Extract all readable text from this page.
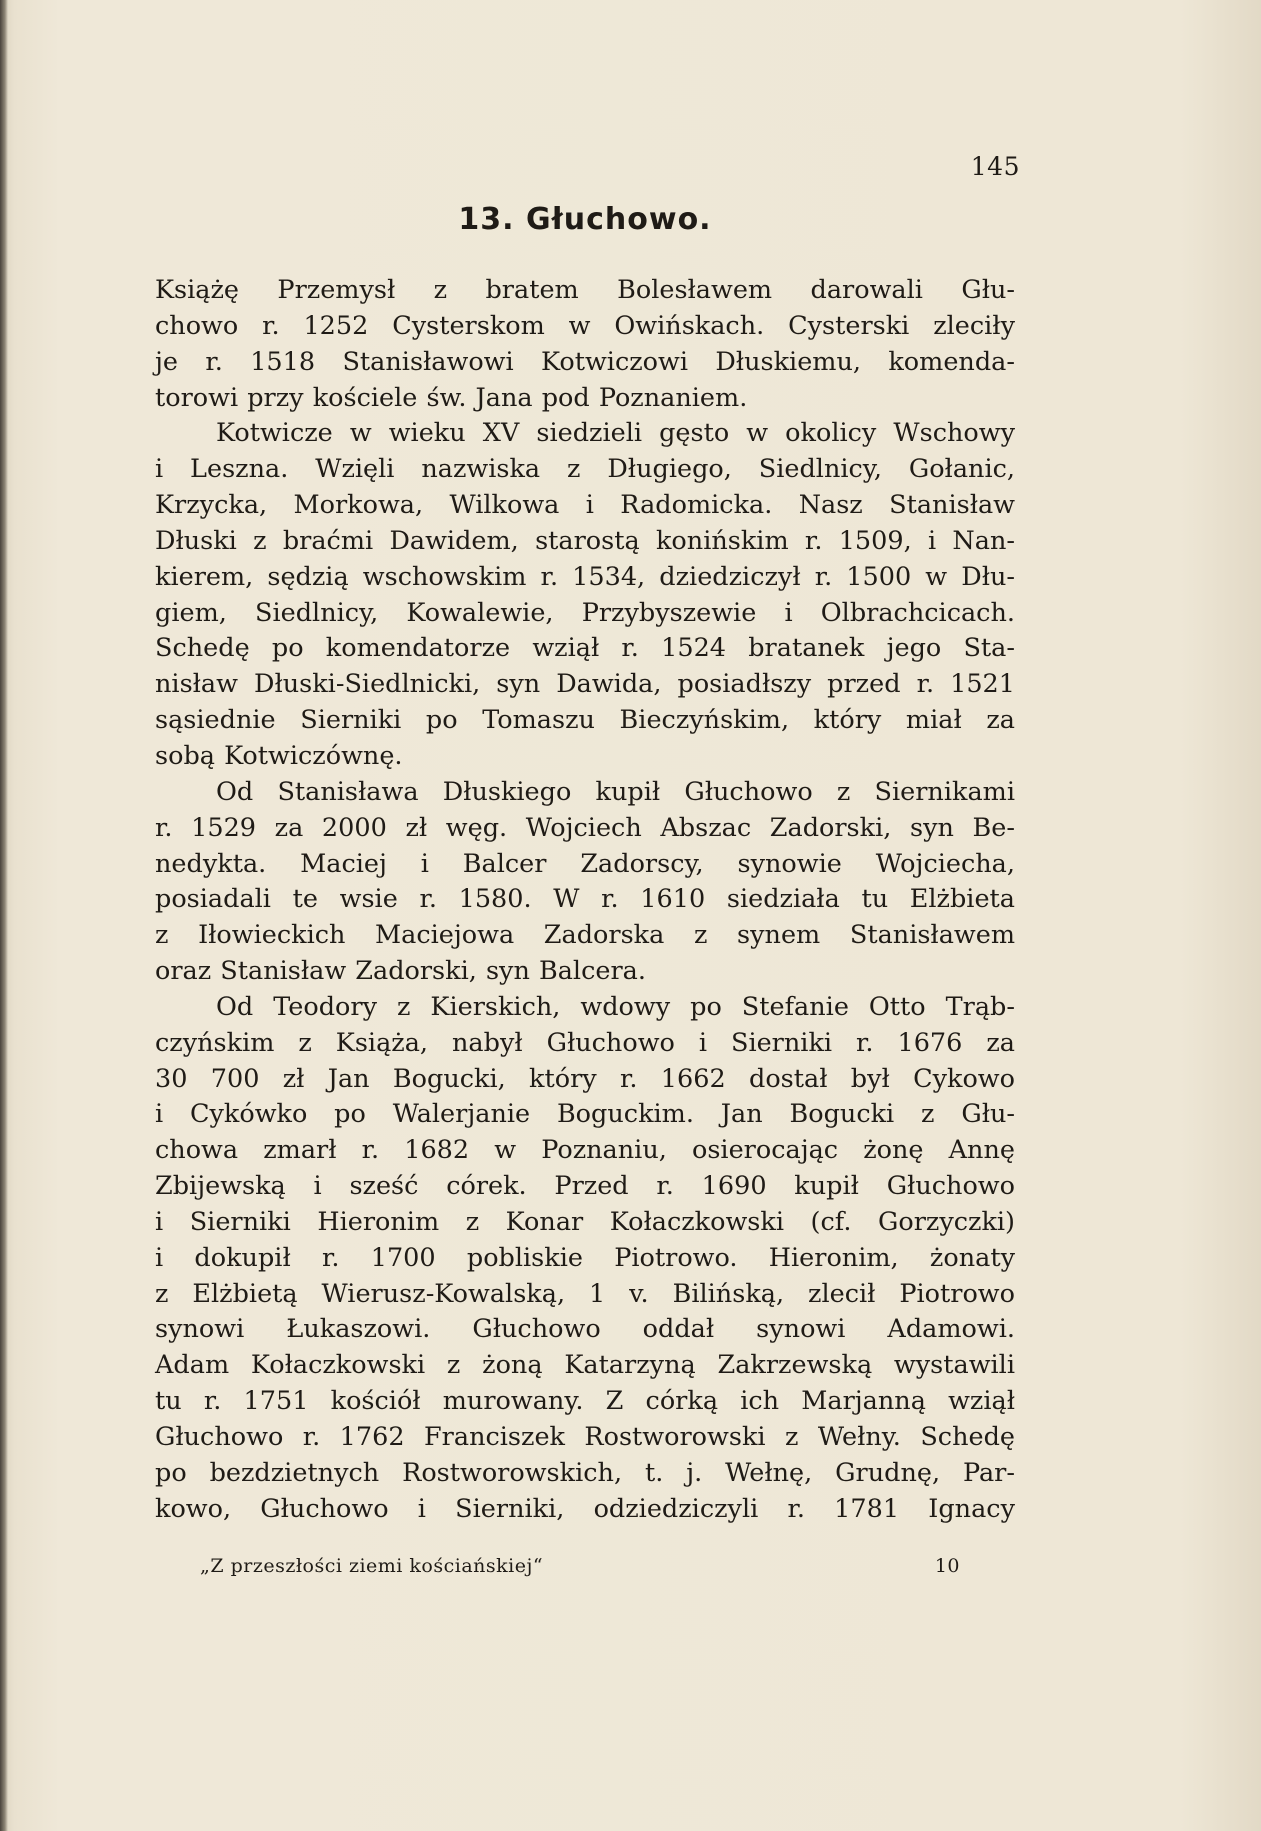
145
13. Głuchowo.
Książę Przemysł z bratem Bolesławem darowali Głu-
chowo r. 1252 Cysterskom w Owińskach. Cysterski zleciły
je r. 1518 Stanisławowi Kotwiczowi Dłuskiemu, komenda-
torowi przy kościele św. Jana pod Poznaniem.
Kotwicze w wieku XV siedzieli gęsto w okolicy Wschowy
i Leszna. Wzięli nazwiska z Długiego, Siedlnicy, Gołanic,
Krzycka, Morkowa, Wilkowa i Radomicka. Nasz Stanisław
Dłuski z braćmi Dawidem, starostą konińskim r. 1509, i Nan-
kierem, sędzią wschowskim r. 1534, dziedziczył r. 1500 w Dłu-
giem, Siedlnicy, Kowalewie, Przybyszewie i Olbrachcicach.
Schedę po komendatorze wziął r. 1524 bratanek jego Sta-
nisław Dłuski-Siedlnicki, syn Dawida, posiadłszy przed r. 1521
sąsiednie Sierniki po Tomaszu Bieczyńskim, który miał za
sobą Kotwiczównę.
Od Stanisława Dłuskiego kupił Głuchowo z Siernikami
r. 1529 za 2000 zł węg. Wojciech Abszac Zadorski, syn Be-
nedykta. Maciej i Balcer Zadorscy, synowie Wojciecha,
posiadali te wsie r. 1580. W r. 1610 siedziała tu Elżbieta
z Iłowieckich Maciejowa Zadorska z synem Stanisławem
oraz Stanisław Zadorski, syn Balcera.
Od Teodory z Kierskich, wdowy po Stefanie Otto Trąb-
czyńskim z Książa, nabył Głuchowo i Sierniki r. 1676 za
30 700 zł Jan Bogucki, który r. 1662 dostał był Cykowo
i Cykówko po Walerjanie Boguckim. Jan Bogucki z Głu-
chowa zmarł r. 1682 w Poznaniu, osierocając żonę Annę
Zbijewską i sześć córek. Przed r. 1690 kupił Głuchowo
i Sierniki Hieronim z Konar Kołaczkowski (cf. Gorzyczki)
i dokupił r. 1700 pobliskie Piotrowo. Hieronim, żonaty
z Elżbietą Wierusz-Kowalską, 1 v. Bilińską, zlecił Piotrowo
synowi Łukaszowi. Głuchowo oddał synowi Adamowi.
Adam Kołaczkowski z żoną Katarzyną Zakrzewską wystawili
tu r. 1751 kościół murowany. Z córką ich Marjanną wziął
Głuchowo r. 1762 Franciszek Rostworowski z Wełny. Schedę
po bezdzietnych Rostworowskich, t. j. Wełnę, Grudnę, Par-
kowo, Głuchowo i Sierniki, odziedziczyli r. 1781 Ignacy
„Z przeszłości ziemi kościańskiej“	10
